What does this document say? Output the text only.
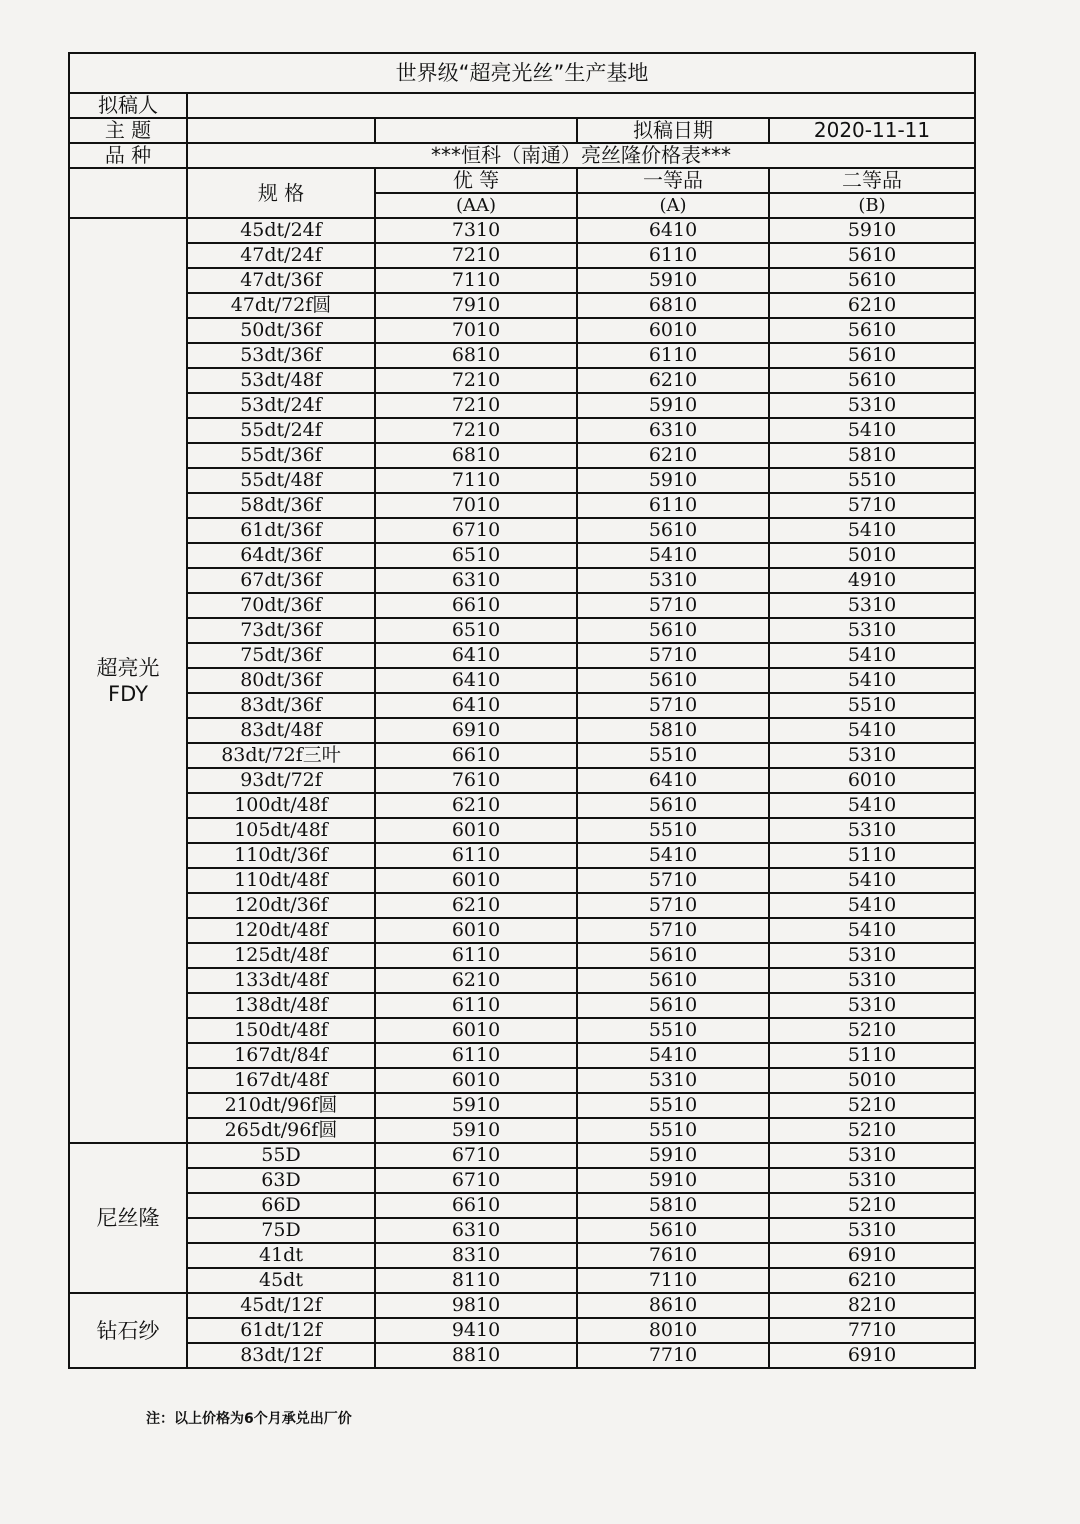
世界级“超亮光丝”生产基地				
拟稿人				
主 题			拟稿日期	2020-11-11
品 种	***恒科（南通）亮丝隆价格表***			
	规 格	优 等	一等品	二等品
		(AA)	(A)	(B)
超亮光
FDY	45dt/24f	7310	6410	5910
	47dt/24f	7210	6110	5610
	47dt/36f	7110	5910	5610
	47dt/72f圆	7910	6810	6210
	50dt/36f	7010	6010	5610
	53dt/36f	6810	6110	5610
	53dt/48f	7210	6210	5610
	53dt/24f	7210	5910	5310
	55dt/24f	7210	6310	5410
	55dt/36f	6810	6210	5810
	55dt/48f	7110	5910	5510
	58dt/36f	7010	6110	5710
	61dt/36f	6710	5610	5410
	64dt/36f	6510	5410	5010
	67dt/36f	6310	5310	4910
	70dt/36f	6610	5710	5310
	73dt/36f	6510	5610	5310
	75dt/36f	6410	5710	5410
	80dt/36f	6410	5610	5410
	83dt/36f	6410	5710	5510
	83dt/48f	6910	5810	5410
	83dt/72f三叶	6610	5510	5310
	93dt/72f	7610	6410	6010
	100dt/48f	6210	5610	5410
	105dt/48f	6010	5510	5310
	110dt/36f	6110	5410	5110
	110dt/48f	6010	5710	5410
	120dt/36f	6210	5710	5410
	120dt/48f	6010	5710	5410
	125dt/48f	6110	5610	5310
	133dt/48f	6210	5610	5310
	138dt/48f	6110	5610	5310
	150dt/48f	6010	5510	5210
	167dt/84f	6110	5410	5110
	167dt/48f	6010	5310	5010
	210dt/96f圆	5910	5510	5210
	265dt/96f圆	5910	5510	5210
尼丝隆	55D	6710	5910	5310
	63D	6710	5910	5310
	66D	6610	5810	5210
	75D	6310	5610	5310
	41dt	8310	7610	6910
	45dt	8110	7110	6210
钻石纱	45dt/12f	9810	8610	8210
	61dt/12f	9410	8010	7710
	83dt/12f	8810	7710	6910
注：以上价格为6个月承兑出厂价
